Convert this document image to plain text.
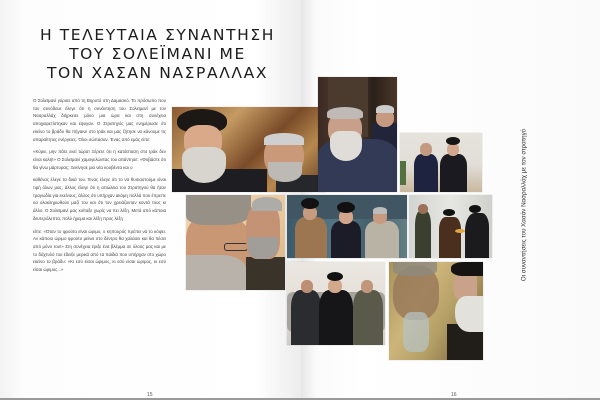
Η ΤΕΛΕΥΤΑΙΑ ΣΥΝΑΝΤΗΣΗ
ΤΟΥ ΣΟΛΕΪΜΑΝΙ ΜΕ
ΤΟΝ ΧΑΣΑΝ ΝΑΣΡΑΛΛΑΧ

Ο Σολεϊμανί γύρισε από τη Βηρυτό στη Δαμασκό. Το πρόσωπο που τον συνόδευε έλεγε ότι η συνάντηση του Σολεϊμανί με τον Νασραλλάχ διήρκεσε μόνο μια ώρα και στη συνέχεια αποχαιρετίστηκαν και έφυγαν. Ο Στρατηγός μας ενημέρωσε ότι εκείνο το βράδυ θα πήγαινε στο Ιράκ και μας ζήτησε να κάνουμε τις απαραίτητες ενέργειες. Όλοι σώπασαν. Ένας από εμάς είπε:

«Κύριε, μην πάτε εκεί τώρα! Ξέρετε ότι η κατάσταση στο Ιράκ δεν είναι καλή!» Ο Σολεϊμανί χαμογελώντας του απάντησε: «Φοβάστε ότι θα γίνω μάρτυρας; Ξεκίνησε μια νέα κουβέντα και ο

καθένας έλεγε τα δικά του. Ένας έλεγε ότι το να θυσιαστούμε είναι τιμή όλων μας, άλλος έλεγε ότι η απώλεια του Στρατηγού θα ήταν τραγωδία για εκείνους, άλλος ότι υπήρχαν ακόμη πολλά που έπρεπε να ολοκληρωθούν μαζί του και ότι τον χρειάζονταν κοντά τους κι άλλο. Ο Σολεϊμανί μας κοίταξε χωρίς να πει λέξη. Μετά από κάποια δευτερόλεπτα, πολύ ήρεμα και λέξη προς λέξη

είπε: «Όταν το φρούτο είναι ώριμο, ο κηπουρός πρέπει να το κόψει. Αν κάποιο ώριμο φρούτο μείνει στο δέντρο θα χαλάσει και θα πέσει από μόνο του!» Στη συνέχεια έριξε ένα βλέμμα σε όλους μας και με το δάχτυλό του έδειξε μερικά από τα παιδιά που υπήρχαν στο χώρο εκείνο το βράδυ: «Κι εσύ είσαι ώριμος, κι εσύ είσαι ώριμος, κι εσύ είσαι ώριμος...»

15	16
Οι συναντήσεις του Χασάν Νασραλλάχ με τον στρατηγό
